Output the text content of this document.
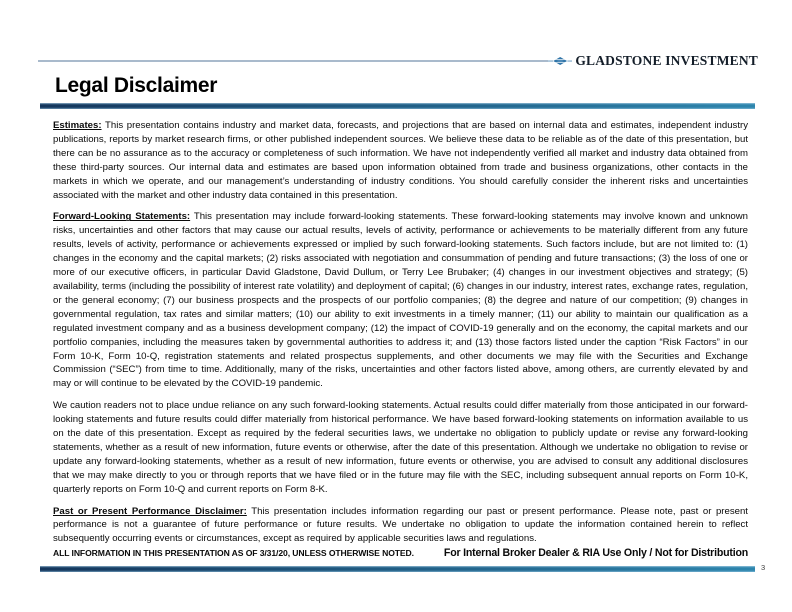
GLADSTONE INVESTMENT
Legal Disclaimer

Estimates: This presentation contains industry and market data, forecasts, and projections that are based on internal data and estimates, independent industry publications, reports by market research firms, or other published independent sources. We believe these data to be reliable as of the date of this presentation, but there can be no assurance as to the accuracy or completeness of such information. We have not independently verified all market and industry data obtained from these third-party sources. Our internal data and estimates are based upon information obtained from trade and business organizations, other contacts in the markets in which we operate, and our management’s understanding of industry conditions. You should carefully consider the inherent risks and uncertainties associated with the market and other industry data contained in this presentation.

Forward-Looking Statements: This presentation may include forward-looking statements. These forward-looking statements may involve known and unknown risks, uncertainties and other factors that may cause our actual results, levels of activity, performance or achievements to be materially different from any future results, levels of activity, performance or achievements expressed or implied by such forward-looking statements. Such factors include, but are not limited to: (1) changes in the economy and the capital markets; (2) risks associated with negotiation and consummation of pending and future transactions; (3) the loss of one or more of our executive officers, in particular David Gladstone, David Dullum, or Terry Lee Brubaker; (4) changes in our investment objectives and strategy; (5) availability, terms (including the possibility of interest rate volatility) and deployment of capital; (6) changes in our industry, interest rates, exchange rates, regulation, or the general economy; (7) our business prospects and the prospects of our portfolio companies; (8) the degree and nature of our competition; (9) changes in governmental regulation, tax rates and similar matters; (10) our ability to exit investments in a timely manner; (11) our ability to maintain our qualification as a regulated investment company and as a business development company; (12) the impact of COVID-19 generally and on the economy, the capital markets and our portfolio companies, including the measures taken by governmental authorities to address it; and (13) those factors listed under the caption “Risk Factors” in our Form 10-K, Form 10-Q, registration statements and related prospectus supplements, and other documents we may file with the Securities and Exchange Commission (“SEC”) from time to time. Additionally, many of the risks, uncertainties and other factors listed above, among others, are currently elevated by and may or will continue to be elevated by the COVID-19 pandemic.

We caution readers not to place undue reliance on any such forward-looking statements. Actual results could differ materially from those anticipated in our forward-looking statements and future results could differ materially from historical performance. We have based forward-looking statements on information available to us on the date of this presentation. Except as required by the federal securities laws, we undertake no obligation to publicly update or revise any forward-looking statements, whether as a result of new information, future events or otherwise, after the date of this presentation. Although we undertake no obligation to revise or update any forward-looking statements, whether as a result of new information, future events or otherwise, you are advised to consult any additional disclosures that we may make directly to you or through reports that we have filed or in the future may file with the SEC, including subsequent annual reports on Form 10-K, quarterly reports on Form 10-Q and current reports on Form 8-K.

Past or Present Performance Disclaimer: This presentation includes information regarding our past or present performance. Please note, past or present performance is not a guarantee of future performance or future results. We undertake no obligation to update the information contained herein to reflect subsequently occurring events or circumstances, except as required by applicable securities laws and regulations.

ALL INFORMATION IN THIS PRESENTATION AS OF 3/31/20, UNLESS OTHERWISE NOTED.	For Internal Broker Dealer & RIA Use Only / Not for Distribution
3
